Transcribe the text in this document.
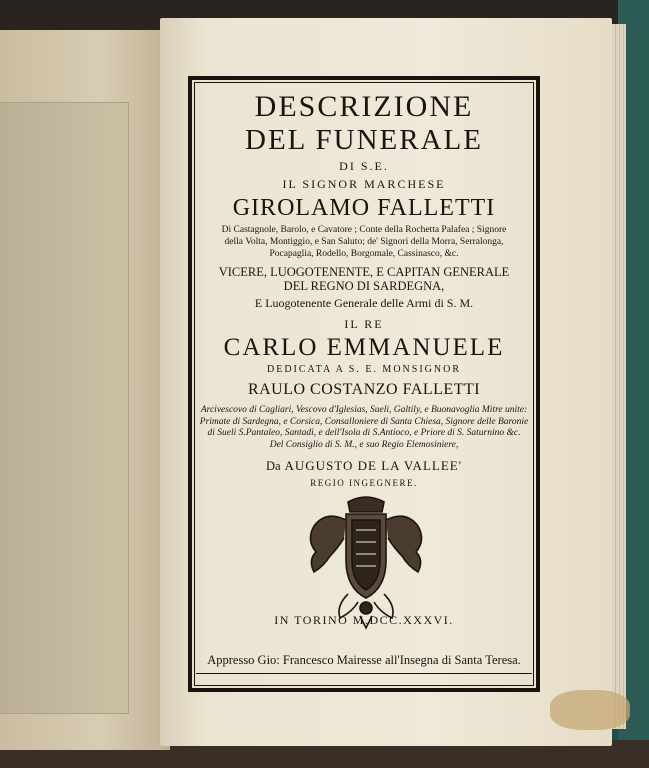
DESCRIZIONE
DEL FUNERALE
DI S.E.
IL SIGNOR MARCHESE
GIROLAMO FALLETTI
Di Castagnole, Barolo, e Cavatore ; Conte della Rochetta Palafea ; Signore
della Volta, Montiggio, e San Saluto; de' Signori della Morra, Serralonga,
Pocapaglia, Rodello, Borgomale, Cassinasco, &c.
VICERE, LUOGOTENENTE, E CAPITAN GENERALE
DEL REGNO DI SARDEGNA,
E Luogotenente Generale delle Armi di S. M.
IL RE
CARLO EMMANUELE
DEDICATA A S. E. MONSIGNOR
RAULO COSTANZO FALLETTI
Arcivescovo di Cagliari, Vescovo d'Iglesias, Sueli, Galtily, e Buonavoglia Mitre unite:
Primate di Sardegna, e Corsica, Consalloniere di Santa Chiesa, Signore delle Baronie
di Sueli S.Pantaleo, Santadì, e dell'Isola di S.Antioco, e Priore di S. Saturnino &c.
Del Consiglio di S. M., e suo Regio Elemosiniere,
Da AUGUSTO DE LA VALLEE'
REGIO INGEGNERE.
IN TORINO M.DCC.XXXVI.
Appresso Gio: Francesco Mairesse all'Insegna di Santa Teresa.
